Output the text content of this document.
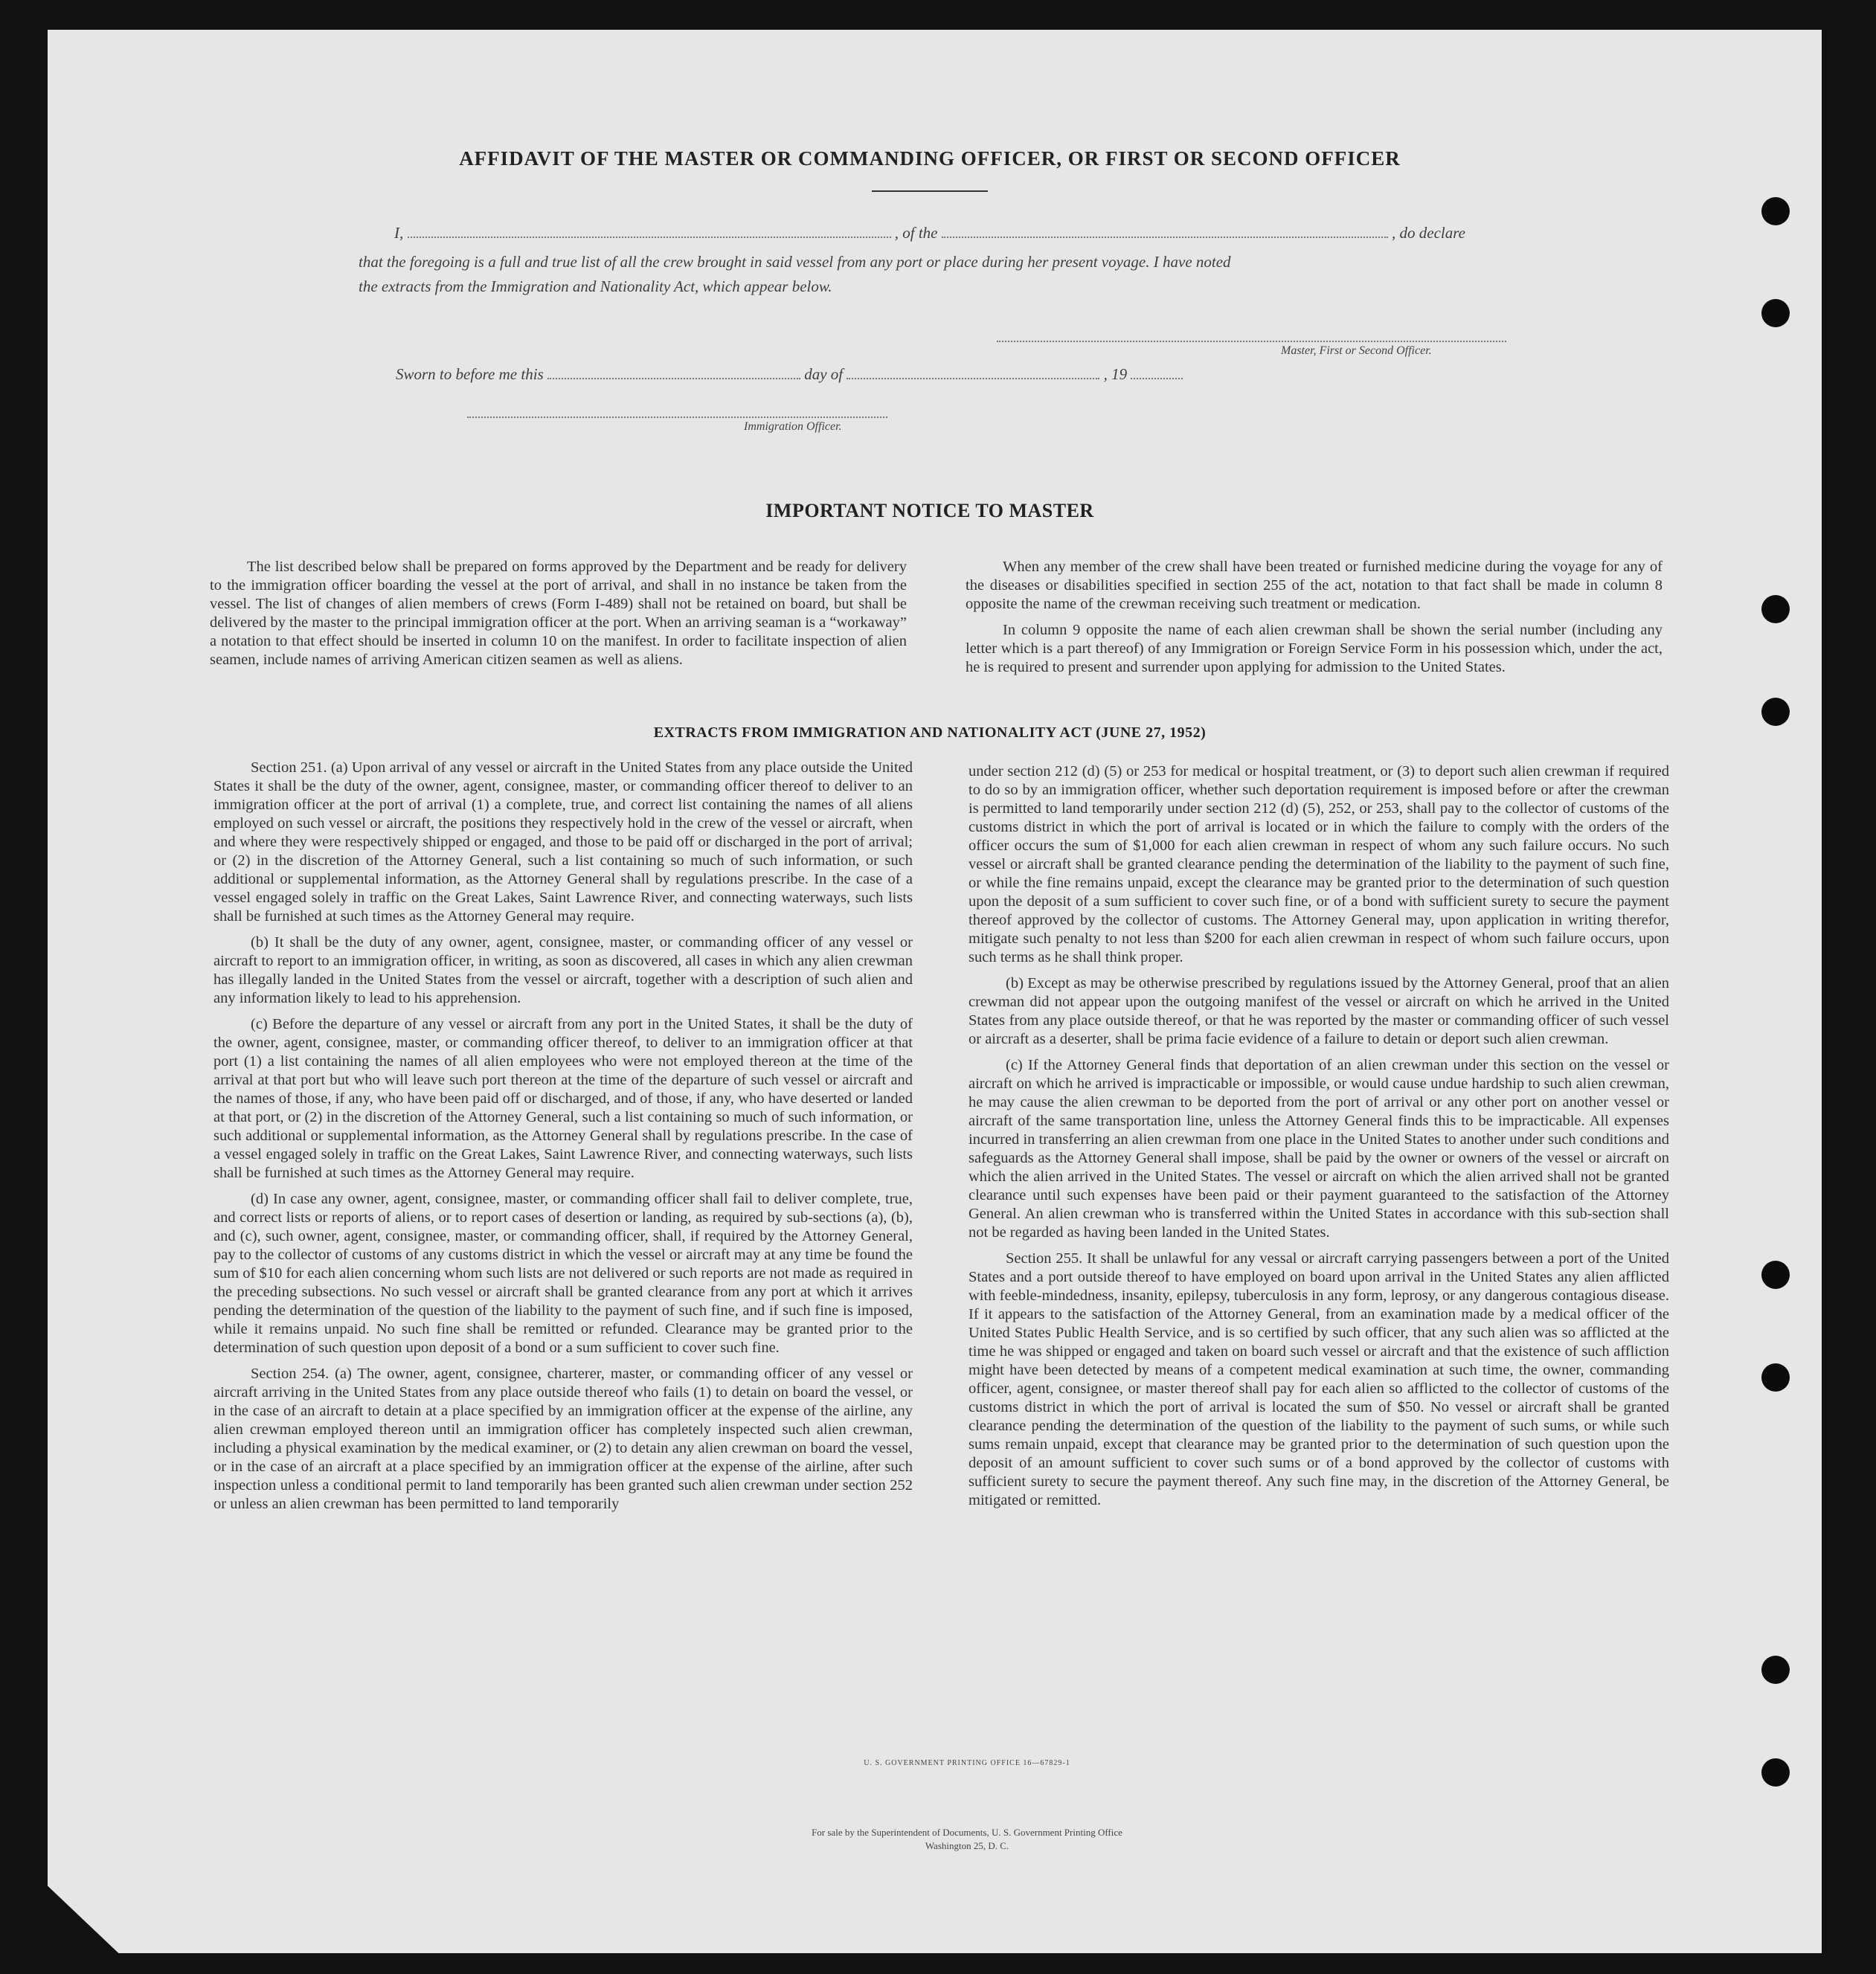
AFFIDAVIT OF THE MASTER OR COMMANDING OFFICER, OR FIRST OR SECOND OFFICER
I,	, of the	, do declare
that the foregoing is a full and true list of all the crew brought in said vessel from any port or place during her present voyage. I have noted
the extracts from the Immigration and Nationality Act, which appear below.
Master, First or Second Officer.
Sworn to before me this	day of	, 19
Immigration Officer.
IMPORTANT NOTICE TO MASTER

The list described below shall be prepared on forms approved by the Department and be ready for delivery to the immigration officer boarding the vessel at the port of arrival, and shall in no instance be taken from the vessel. The list of changes of alien members of crews (Form I-489) shall not be retained on board, but shall be delivered by the master to the principal immigration officer at the port. When an arriving seaman is a “workaway” a notation to that effect should be inserted in column 10 on the manifest. In order to facilitate inspection of alien seamen, include names of arriving American citizen seamen as well as aliens.

When any member of the crew shall have been treated or furnished medicine during the voyage for any of the diseases or disabilities specified in section 255 of the act, notation to that fact shall be made in column 8 opposite the name of the crewman receiving such treatment or medication.

In column 9 opposite the name of each alien crewman shall be shown the serial number (including any letter which is a part thereof) of any Immigration or Foreign Service Form in his possession which, under the act, he is required to present and surrender upon applying for admission to the United States.

EXTRACTS FROM IMMIGRATION AND NATIONALITY ACT (JUNE 27, 1952)

Section 251. (a) Upon arrival of any vessel or aircraft in the United States from any place outside the United States it shall be the duty of the owner, agent, consignee, master, or commanding officer thereof to deliver to an immigration officer at the port of arrival (1) a complete, true, and correct list containing the names of all aliens employed on such vessel or aircraft, the positions they respectively hold in the crew of the vessel or aircraft, when and where they were respectively shipped or engaged, and those to be paid off or discharged in the port of arrival; or (2) in the discretion of the Attorney General, such a list containing so much of such information, or such additional or supplemental information, as the Attorney General shall by regulations prescribe. In the case of a vessel engaged solely in traffic on the Great Lakes, Saint Lawrence River, and connecting waterways, such lists shall be furnished at such times as the Attorney General may require.

(b) It shall be the duty of any owner, agent, consignee, master, or commanding officer of any vessel or aircraft to report to an immigration officer, in writing, as soon as discovered, all cases in which any alien crewman has illegally landed in the United States from the vessel or aircraft, together with a description of such alien and any information likely to lead to his apprehension.

(c) Before the departure of any vessel or aircraft from any port in the United States, it shall be the duty of the owner, agent, consignee, master, or commanding officer thereof, to deliver to an immigration officer at that port (1) a list containing the names of all alien employees who were not employed thereon at the time of the arrival at that port but who will leave such port thereon at the time of the departure of such vessel or aircraft and the names of those, if any, who have been paid off or discharged, and of those, if any, who have deserted or landed at that port, or (2) in the discretion of the Attorney General, such a list containing so much of such information, or such additional or supplemental information, as the Attorney General shall by regulations prescribe. In the case of a vessel engaged solely in traffic on the Great Lakes, Saint Lawrence River, and connecting waterways, such lists shall be furnished at such times as the Attorney General may require.

(d) In case any owner, agent, consignee, master, or commanding officer shall fail to deliver complete, true, and correct lists or reports of aliens, or to report cases of desertion or landing, as required by sub-sections (a), (b), and (c), such owner, agent, consignee, master, or commanding officer, shall, if required by the Attorney General, pay to the collector of customs of any customs district in which the vessel or aircraft may at any time be found the sum of $10 for each alien concerning whom such lists are not delivered or such reports are not made as required in the preceding subsections. No such vessel or aircraft shall be granted clearance from any port at which it arrives pending the determination of the question of the liability to the payment of such fine, and if such fine is imposed, while it remains unpaid. No such fine shall be remitted or refunded. Clearance may be granted prior to the determination of such question upon deposit of a bond or a sum sufficient to cover such fine.

Section 254. (a) The owner, agent, consignee, charterer, master, or commanding officer of any vessel or aircraft arriving in the United States from any place outside thereof who fails (1) to detain on board the vessel, or in the case of an aircraft to detain at a place specified by an immigration officer at the expense of the airline, any alien crewman employed thereon until an immigration officer has completely inspected such alien crewman, including a physical examination by the medical examiner, or (2) to detain any alien crewman on board the vessel, or in the case of an aircraft at a place specified by an immigration officer at the expense of the airline, after such inspection unless a conditional permit to land temporarily has been granted such alien crewman under section 252 or unless an alien crewman has been permitted to land temporarily

under section 212 (d) (5) or 253 for medical or hospital treatment, or (3) to deport such alien crewman if required to do so by an immigration officer, whether such deportation requirement is imposed before or after the crewman is permitted to land temporarily under section 212 (d) (5), 252, or 253, shall pay to the collector of customs of the customs district in which the port of arrival is located or in which the failure to comply with the orders of the officer occurs the sum of $1,000 for each alien crewman in respect of whom any such failure occurs. No such vessel or aircraft shall be granted clearance pending the determination of the liability to the payment of such fine, or while the fine remains unpaid, except the clearance may be granted prior to the determination of such question upon the deposit of a sum sufficient to cover such fine, or of a bond with sufficient surety to secure the payment thereof approved by the collector of customs. The Attorney General may, upon application in writing therefor, mitigate such penalty to not less than $200 for each alien crewman in respect of whom such failure occurs, upon such terms as he shall think proper.

(b) Except as may be otherwise prescribed by regulations issued by the Attorney General, proof that an alien crewman did not appear upon the outgoing manifest of the vessel or aircraft on which he arrived in the United States from any place outside thereof, or that he was reported by the master or commanding officer of such vessel or aircraft as a deserter, shall be prima facie evidence of a failure to detain or deport such alien crewman.

(c) If the Attorney General finds that deportation of an alien crewman under this section on the vessel or aircraft on which he arrived is impracticable or impossible, or would cause undue hardship to such alien crewman, he may cause the alien crewman to be deported from the port of arrival or any other port on another vessel or aircraft of the same transportation line, unless the Attorney General finds this to be impracticable. All expenses incurred in transferring an alien crewman from one place in the United States to another under such conditions and safeguards as the Attorney General shall impose, shall be paid by the owner or owners of the vessel or aircraft on which the alien arrived in the United States. The vessel or aircraft on which the alien arrived shall not be granted clearance until such expenses have been paid or their payment guaranteed to the satisfaction of the Attorney General. An alien crewman who is transferred within the United States in accordance with this sub-section shall not be regarded as having been landed in the United States.

Section 255. It shall be unlawful for any vessal or aircraft carrying passengers between a port of the United States and a port outside thereof to have employed on board upon arrival in the United States any alien afflicted with feeble-mindedness, insanity, epilepsy, tuberculosis in any form, leprosy, or any dangerous contagious disease. If it appears to the satisfaction of the Attorney General, from an examination made by a medical officer of the United States Public Health Service, and is so certified by such officer, that any such alien was so afflicted at the time he was shipped or engaged and taken on board such vessel or aircraft and that the existence of such affliction might have been detected by means of a competent medical examination at such time, the owner, commanding officer, agent, consignee, or master thereof shall pay for each alien so afflicted to the collector of customs of the customs district in which the port of arrival is located the sum of $50. No vessel or aircraft shall be granted clearance pending the determination of the question of the liability to the payment of such sums, or while such sums remain unpaid, except that clearance may be granted prior to the determination of such question upon the deposit of an amount sufficient to cover such sums or of a bond approved by the collector of customs with sufficient surety to secure the payment thereof. Any such fine may, in the discretion of the Attorney General, be mitigated or remitted.

U. S. GOVERNMENT PRINTING OFFICE 16—67829-1
For sale by the Superintendent of Documents, U. S. Government Printing Office
Washington 25, D. C.
